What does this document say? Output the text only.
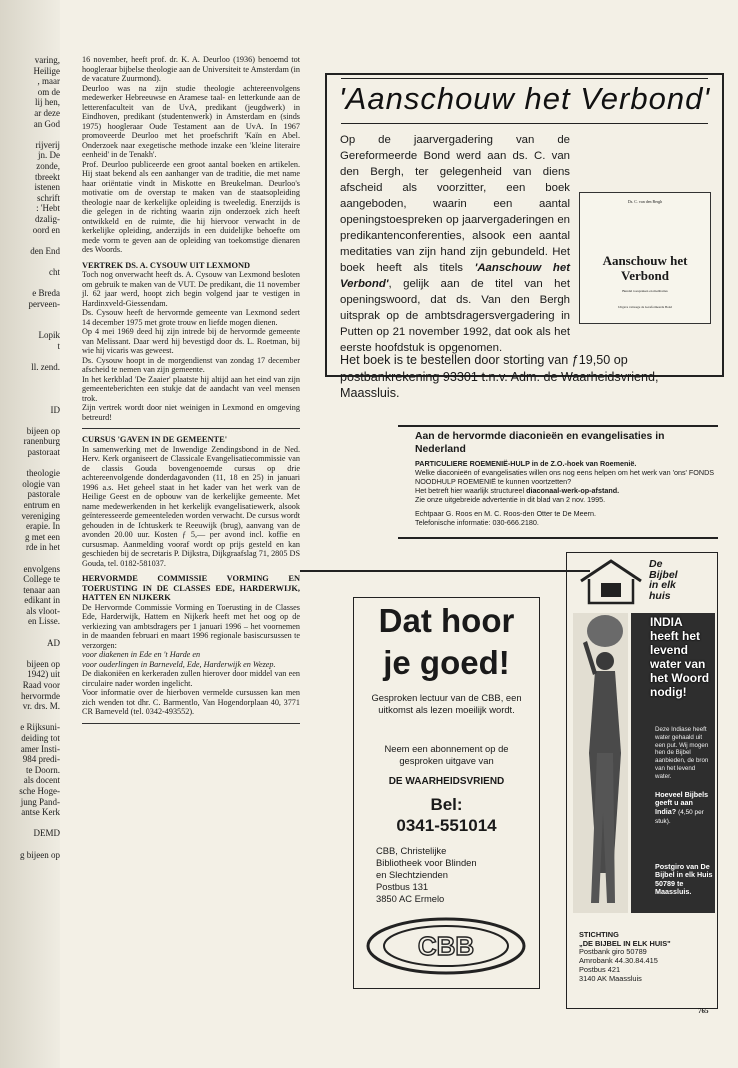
varing,
Heilige
, maar
om de
lij hen,
ar deze
an God

rijverij
jn. De
zonde,
tbreekt
istenen
schrift
: 'Hebt
dzalig-
oord en

den End

cht

e Breda
perveen-

Lopik
t

ll. zend.

ID

bijeen op
ranenburg
pastoraat

theologie
ologie van
pastorale
entrum en
vereniging
erapie. In
g met een
rde in het

envolgens
College te
tenaar aan
edikant in
als vloot-
en Lisse.

AD

bijeen op
1942) uit
Raad voor
hervormde
vr. drs. M.

e Rijksuni-
deiding tot
amer Insti-
984 predi-
te Doorn.
als docent
sche Hoge-
jung Pand-
antse Kerk

DEMD

g bijeen op

16 november, heeft prof. dr. K. A. Deurloo (1936) benoemd tot hoogleraar bijbelse theologie aan de Universiteit te Amsterdam (in de vacature Zuurmond).

Deurloo was na zijn studie theologie achtereenvolgens medewerker Hebreeuwse en Aramese taal- en letterkunde aan de letterenfaculteit van de UvA, predikant (jeugdwerk) in Eindhoven, predikant (studentenwerk) in Amsterdam en (sinds 1975) hoogleraar Oude Testament aan de UvA. In 1967 promoveerde Deurloo met het proefschrift 'Kaïn en Abel. Onderzoek naar exegetische methode inzake een 'kleine literaire eenheid' in de Tenakh'.

Prof. Deurloo publiceerde een groot aantal boeken en artikelen. Hij staat bekend als een aanhanger van de traditie, die met name haar oriëntatie vindt in Miskotte en Breukelman. Deurloo's motivatie om de overstap te maken van de staatsopleiding theologie naar de kerkelijke opleiding is tweeledig. Enerzijds is die gelegen in de richting waarin zijn onderzoek zich heeft ontwikkeld en de ruimte, die hij hiervoor verwacht in de kerkelijke opleiding, anderzijds in een duidelijke behoefte om mede vorm te geven aan de opleiding van toekomstige dienaren des Woords.

VERTREK DS. A. CYSOUW UIT LEXMOND

Toch nog onverwacht heeft ds. A. Cysouw van Lexmond besloten om gebruik te maken van de VUT. De predikant, die 11 november jl. 62 jaar werd, hoopt zich begin volgend jaar te vestigen in Hardinxveld-Giessendam.

Ds. Cysouw heeft de hervormde gemeente van Lexmond sedert 14 december 1975 met grote trouw en liefde mogen dienen.

Op 4 mei 1969 deed hij zijn intrede bij de hervormde gemeente van Melissant. Daar werd hij bevestigd door ds. L. Roetman, bij wie hij vicaris was geweest.

Ds. Cysouw hoopt in de morgendienst van zondag 17 december afscheid te nemen van zijn gemeente.

In het kerkblad 'De Zaaier' plaatste hij altijd aan het eind van zijn gemeenteberichten een stukje dat de aandacht van veel mensen trok.

Zijn vertrek wordt door niet weinigen in Lexmond en omgeving betreurd!

CURSUS 'GAVEN IN DE GEMEENTE'

In samenwerking met de Inwendige Zendingsbond in de Ned. Herv. Kerk organiseert de Classicale Evangelisatiecommissie van de classis Gouda bovengenoemde cursus op drie achtereenvolgende donderdagavonden (11, 18 en 25) in januari 1996 a.s. Het geheel staat in het kader van het werk van de Heilige Geest en de opbouw van de kerkelijke gemeente. Met name medewerkenden in het kerkelijk evangelisatiewerk, alsook geïnteresseerde gemeenteleden worden verwacht. De cursus wordt gehouden in de Ichtuskerk te Reeuwijk (brug), aanvang van de avonden 20.00 uur. Kosten ƒ 5,— per avond incl. koffie en cursusmap. Aanmelding vooraf wordt op prijs gesteld en kan geschieden bij de secretaris P. Dijkstra, Dijkgraafslag 71, 2805 DS Gouda, tel. 0182-581037.

HERVORMDE COMMISSIE VORMING EN TOERUSTING IN DE CLASSES EDE, HARDERWIJK, HATTEN EN NIJKERK

De Hervormde Commissie Vorming en Toerusting in de Classes Ede, Harderwijk, Hattem en Nijkerk heeft met het oog op de verkiezing van ambtsdragers per 1 januari 1996 – het voornemen in de maanden februari en maart 1996 regionale basiscursussen te verzorgen:

voor diakenen in Ede en 't Harde en

voor ouderlingen in Barneveld, Ede, Harderwijk en Wezep.

De diakoniëen en kerkeraden zullen hierover door middel van een circulaire nader worden ingelicht.

Voor informatie over de hierboven vermelde cursussen kan men zich wenden tot dhr. C. Barmentlo, Van Hogendorplaan 40, 3771 CR Barneveld (tel. 0342-493552).

'Aanschouw het Verbond'
Op de jaarvergadering van de Gereformeerde Bond werd aan ds. C. van den Bergh, ter gelegenheid van diens afscheid als voorzitter, een boek aangeboden, waarin een aantal openingstoespreken op jaarvergaderingen en predikantenconferenties, alsook een aantal meditaties van zijn hand zijn gebundeld. Het boek heeft als titels 'Aanschouw het Verbond', gelijk aan de titel van het openingswoord, dat ds. Van den Bergh uitsprak op de ambtsdragersvergadering in Putten op 21 november 1992, dat ook als het eerste hoofdstuk is opgenomen.
Ds. C. van den Bergh
Aanschouw het Verbond
Bundel toespraken en meditaties
Uitgave vanwege de Gereformeerde Bond
Het boek is te bestellen door storting van ƒ19,50 op postbankrekening 93301 t.n.v. Adm. de Waarheidsvriend, Maassluis.
Aan de hervormde diaconieën en evangelisaties in Nederland
PARTICULIERE ROEMENIË-HULP in de Z.O.-hoek van Roemenië.
Welke diaconieën of evangelisaties willen ons nog eens helpen om het werk van 'ons' FONDS NOODHULP ROEMENIË te kunnen voortzetten?
Het betreft hier waarlijk structureel diaconaal-werk-op-afstand.
Zie onze uitgebreide advertentie in dit blad van 2 nov. 1995.
Echtpaar G. Roos en M. C. Roos-den Otter te De Meern.
Telefonische informatie: 030-666.2180.
Dat hoor
je goed!
Gesproken lectuur van de CBB, een uitkomst als lezen moeilijk wordt.
Neem een abonnement op de gesproken uitgave van
DE WAARHEIDSVRIEND
Bel:
0341-551014
CBB, Christelijke
Bibliotheek voor Blinden
en Slechtzienden
Postbus 131
3850 AC Ermelo
CBB
De
Bijbel
in elk
huis
INDIA heeft het levend water van het Woord nodig!
Deze Indiase heeft water gehaald uit een put. Wij mogen hen de Bijbel aanbieden, de bron van het levend water.
Hoeveel Bijbels geeft u aan India? (4,50 per stuk).
Postgiro van De Bijbel in elk Huis 50789 te Maassluis.
STICHTING
„DE BIJBEL IN ELK HUIS"
Postbank giro 50789
Amrobank 44.30.84.415
Postbus 421
3140 AK Maassluis
765
